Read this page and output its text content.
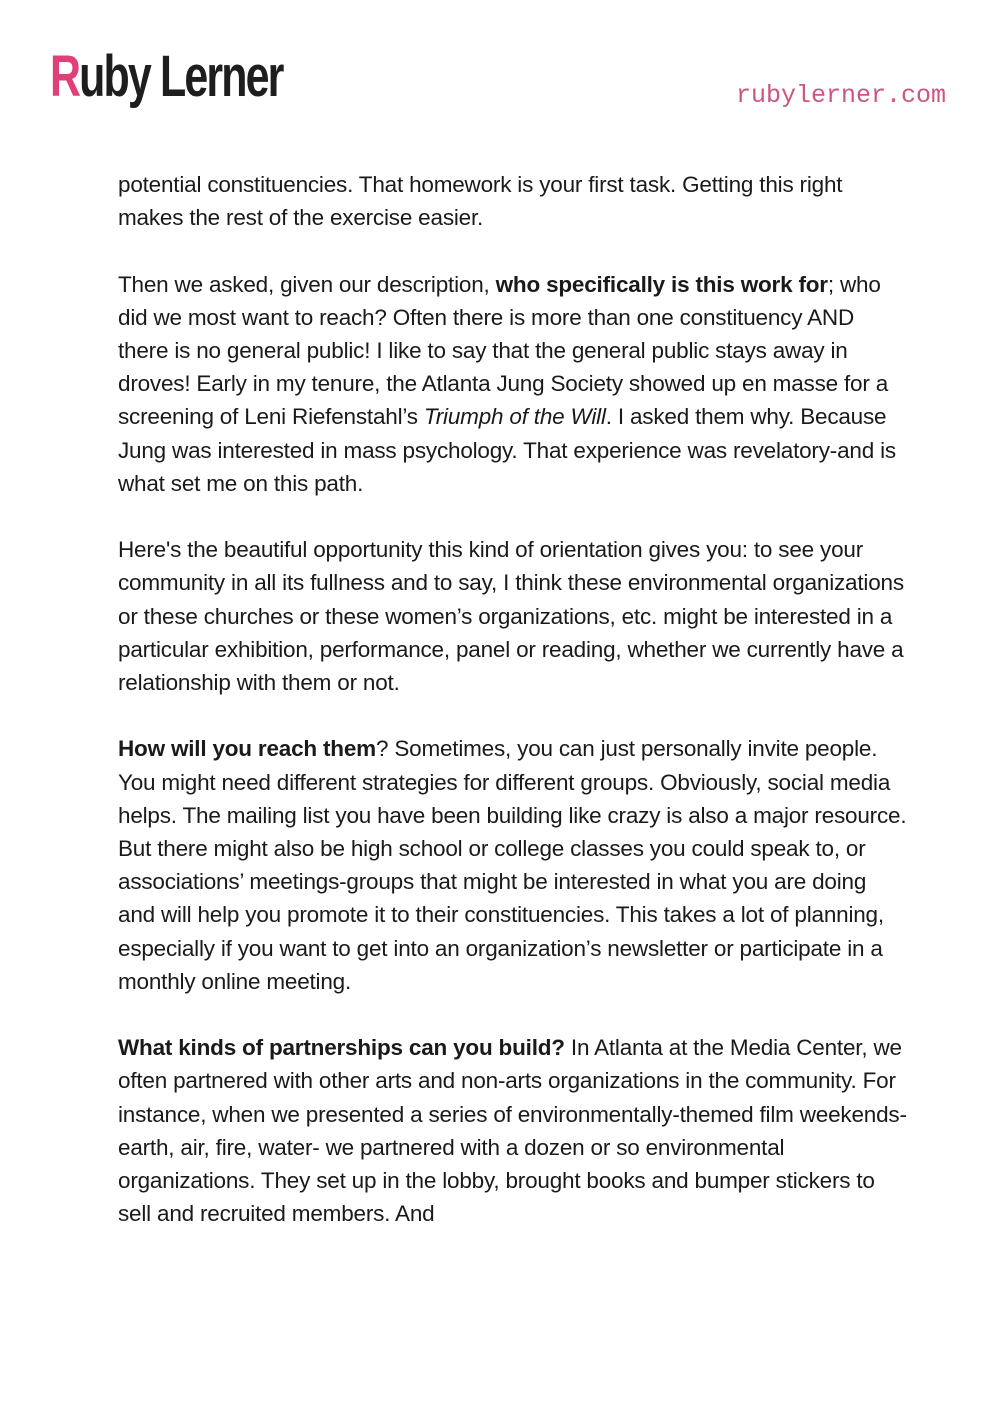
Ruby Lerner	rubylerner.com

potential constituencies. That homework is your first task. Getting this right makes the rest of the exercise easier.

Then we asked, given our description, who specifically is this work for; who did we most want to reach? Often there is more than one constituency AND there is no general public! I like to say that the general public stays away in droves! Early in my tenure, the Atlanta Jung Society showed up en masse for a screening of Leni Riefenstahl’s Triumph of the Will. I asked them why. Because Jung was interested in mass psychology. That experience was revelatory-and is what set me on this path.

Here's the beautiful opportunity this kind of orientation gives you: to see your community in all its fullness and to say, I think these environmental organizations or these churches or these women’s organizations, etc. might be interested in a particular exhibition, performance, panel or reading, whether we currently have a relationship with them or not.

How will you reach them? Sometimes, you can just personally invite people. You might need different strategies for different groups. Obviously, social media helps. The mailing list you have been building like crazy is also a major resource. But there might also be high school or college classes you could speak to, or associations’ meetings-groups that might be interested in what you are doing and will help you promote it to their constituencies. This takes a lot of planning, especially if you want to get into an organization’s newsletter or participate in a monthly online meeting.

What kinds of partnerships can you build? In Atlanta at the Media Center, we often partnered with other arts and non-arts organizations in the community. For instance, when we presented a series of environmentally-themed film weekends-earth, air, fire, water- we partnered with a dozen or so environmental organizations. They set up in the lobby, brought books and bumper stickers to sell and recruited members. And
